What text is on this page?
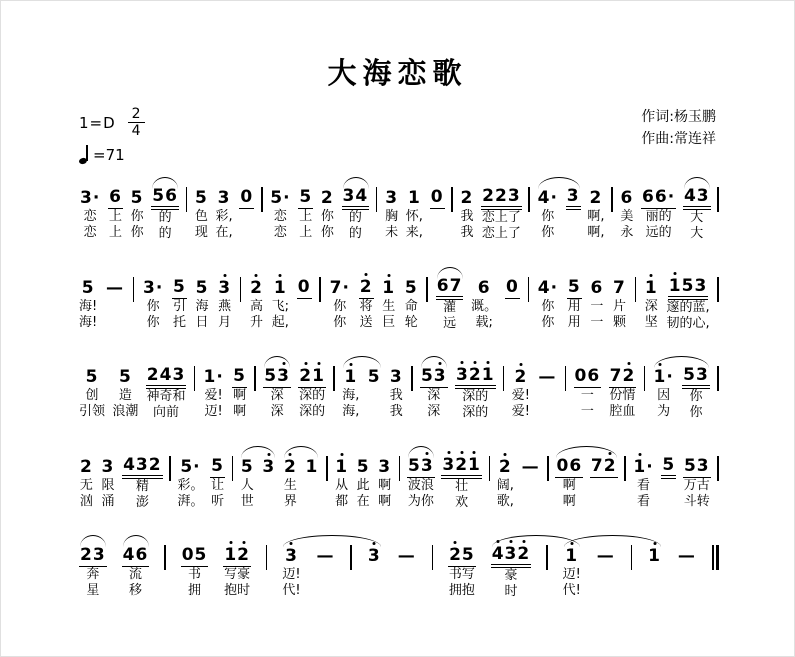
大海恋歌
$1=D \frac{2}{4}$
=71
作词:杨玉鹏
作曲:常连祥
3·
恋
恋
6
上
上
5
你
你
56
的
的
5
色
现
3
彩,
在,
0 5·
恋
恋
5
上
上
2
你
你
34
的
的
3
胸
未
1
怀,
来,
0 2
我
我
223
恋上了
恋上了
4·
你
你
3 2
啊,
啊,
6
美
永
66·
丽的
远的
43
大
大
5
海!
海!
— 3·
你
你
5
引
托
5
海
日
3
燕
月
2
高
升
1
飞;
起,
0 7·
你
你
2
将
送
1
生
巨
5
命
轮
67
灌
远
6
溉。
载;
0 4·
你
你
5
用
用
6
一
一
7
片
颗
1
深
坚
153
邃的蓝,
韧的心,
5
创
引领
5
造
浪潮
243
神奇和
向前
1·
爱!
迈!
5
啊
啊
53
深
深
21
深的
深的
1
海,
海,
5 3
我
我
53
深
深
321
深的
深的
2
爱!
爱!
— 06
一
一
72
份情
腔血
1·
因
为
53
你
你
2
无
汹
3
限
涌
432
精
澎
5·
彩。
湃。
5
让
听
5
人
世
3 2
生
界
1 1
从
都
5
此
在
3
啊
啊
53
波浪
为你
321
壮
欢
2
阔,
歌,
— 06
啊
啊
72 1·
看
看
5 53
万古
斗转
23
奔
星
46
流
移
05
书
拥
12
写豪
抱时
3
迈!
代!
— 3 — 25
书写
拥抱
432
豪
时
1
迈!
代!
— 1 —
